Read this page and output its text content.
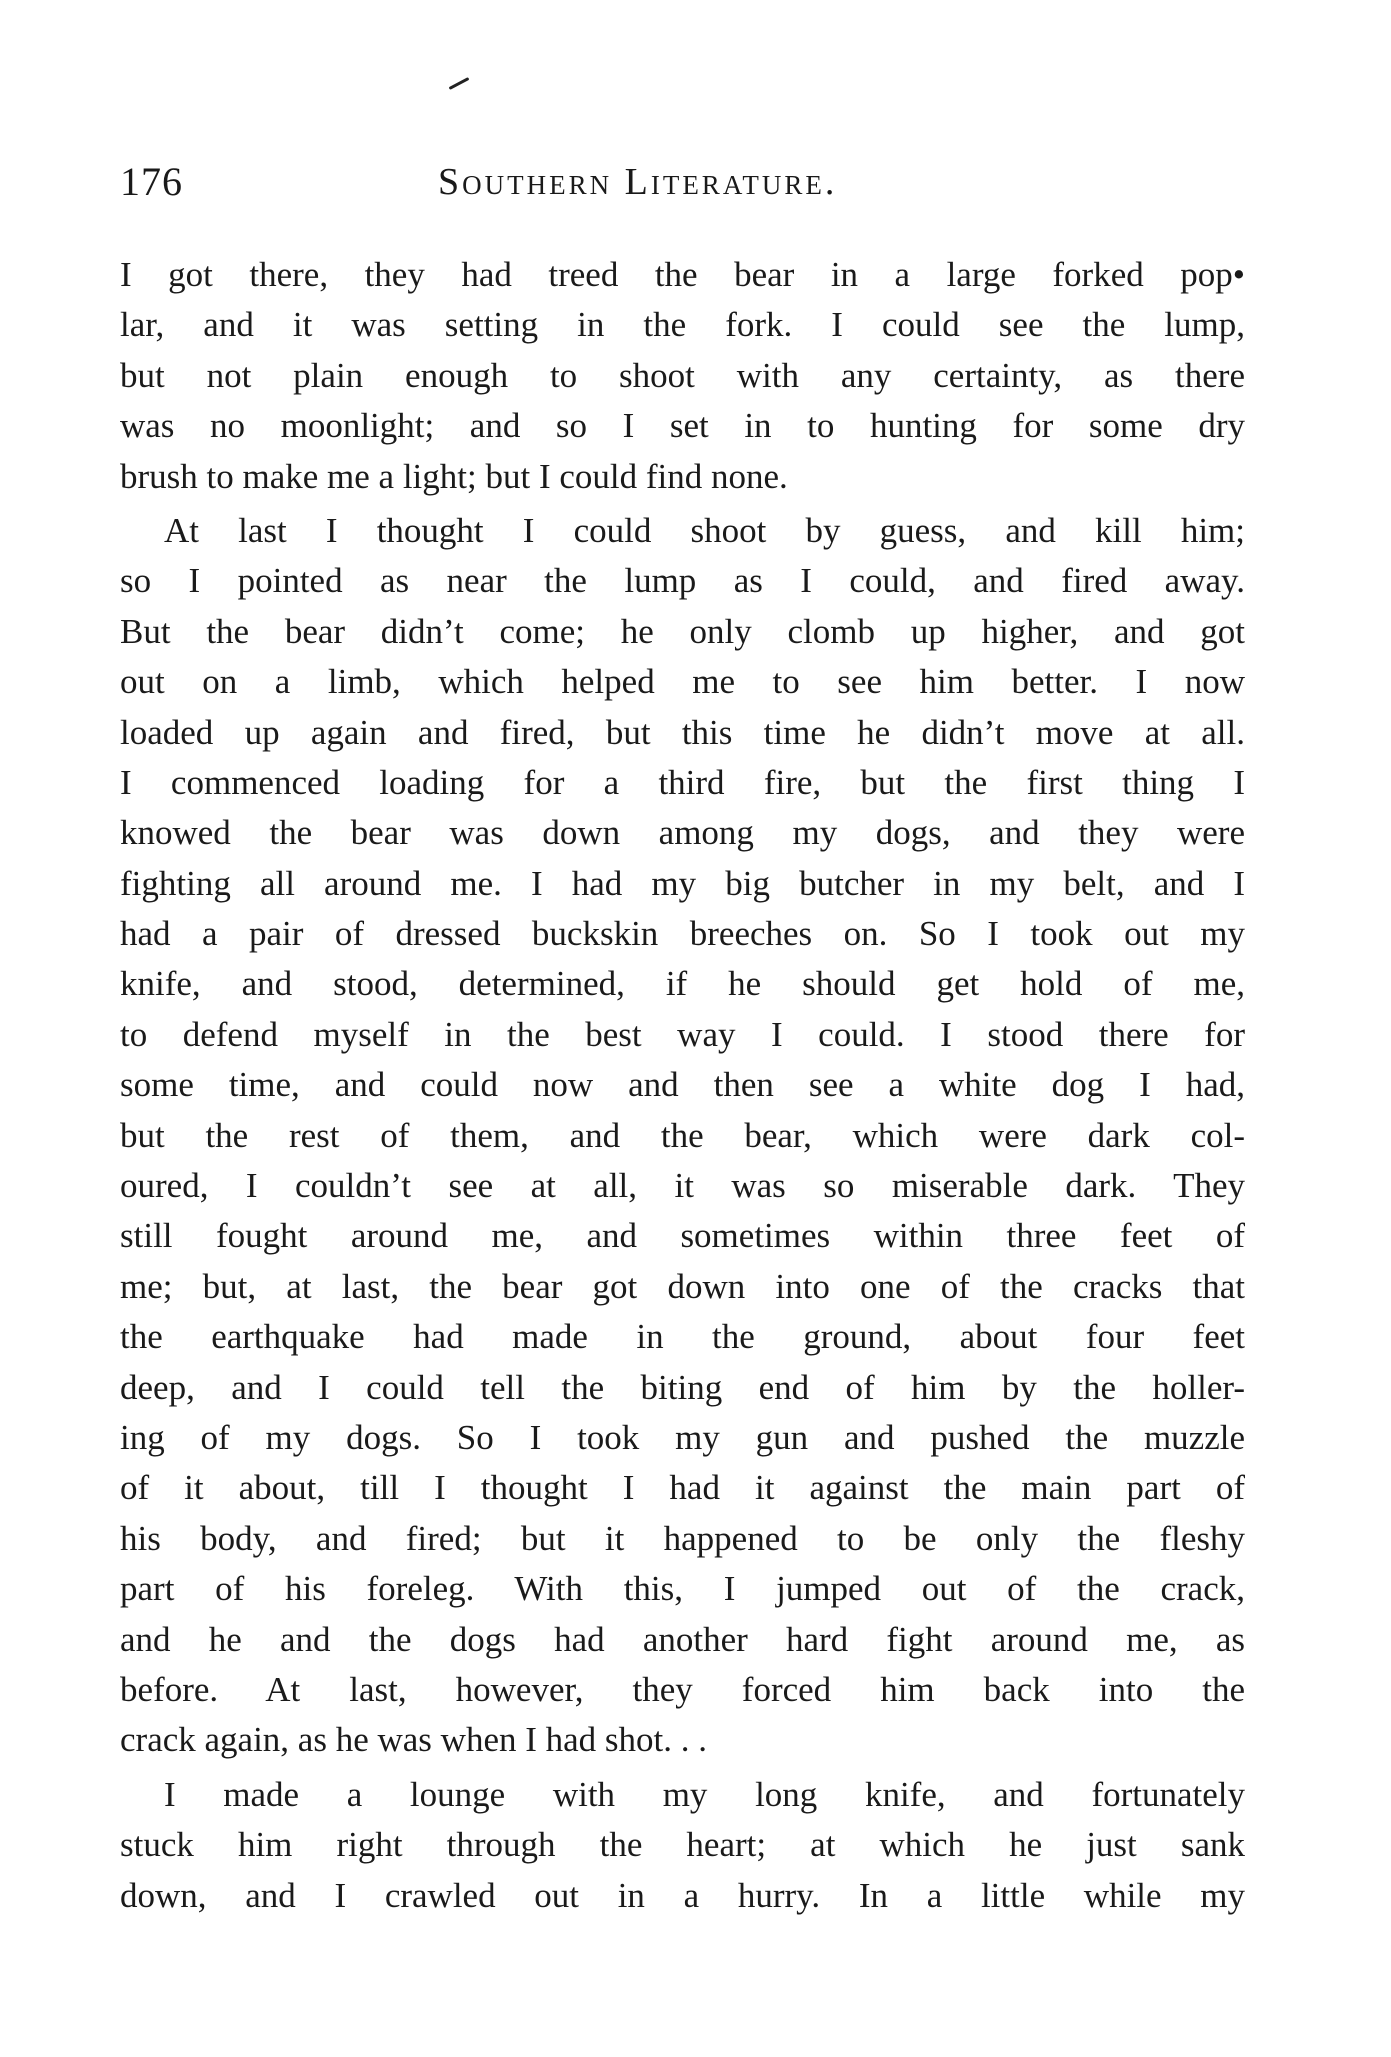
176	Southern Literature.
I got there, they had treed the bear in a large forked pop•
lar, and it was setting in the fork. I could see the lump,
but not plain enough to shoot with any certainty, as there
was no moonlight; and so I set in to hunting for some dry
brush to make me a light; but I could find none.
At last I thought I could shoot by guess, and kill him;
so I pointed as near the lump as I could, and fired away.
But the bear didn’t come; he only clomb up higher, and got
out on a limb, which helped me to see him better. I now
loaded up again and fired, but this time he didn’t move at all.
I commenced loading for a third fire, but the first thing I
knowed the bear was down among my dogs, and they were
fighting all around me. I had my big butcher in my belt, and I
had a pair of dressed buckskin breeches on. So I took out my
knife, and stood, determined, if he should get hold of me,
to defend myself in the best way I could. I stood there for
some time, and could now and then see a white dog I had,
but the rest of them, and the bear, which were dark col-
oured, I couldn’t see at all, it was so miserable dark. They
still fought around me, and sometimes within three feet of
me; but, at last, the bear got down into one of the cracks that
the earthquake had made in the ground, about four feet
deep, and I could tell the biting end of him by the holler-
ing of my dogs. So I took my gun and pushed the muzzle
of it about, till I thought I had it against the main part of
his body, and fired; but it happened to be only the fleshy
part of his foreleg. With this, I jumped out of the crack,
and he and the dogs had another hard fight around me, as
before. At last, however, they forced him back into the
crack again, as he was when I had shot. . .
I made a lounge with my long knife, and fortunately
stuck him right through the heart; at which he just sank
down, and I crawled out in a hurry. In a little while my
